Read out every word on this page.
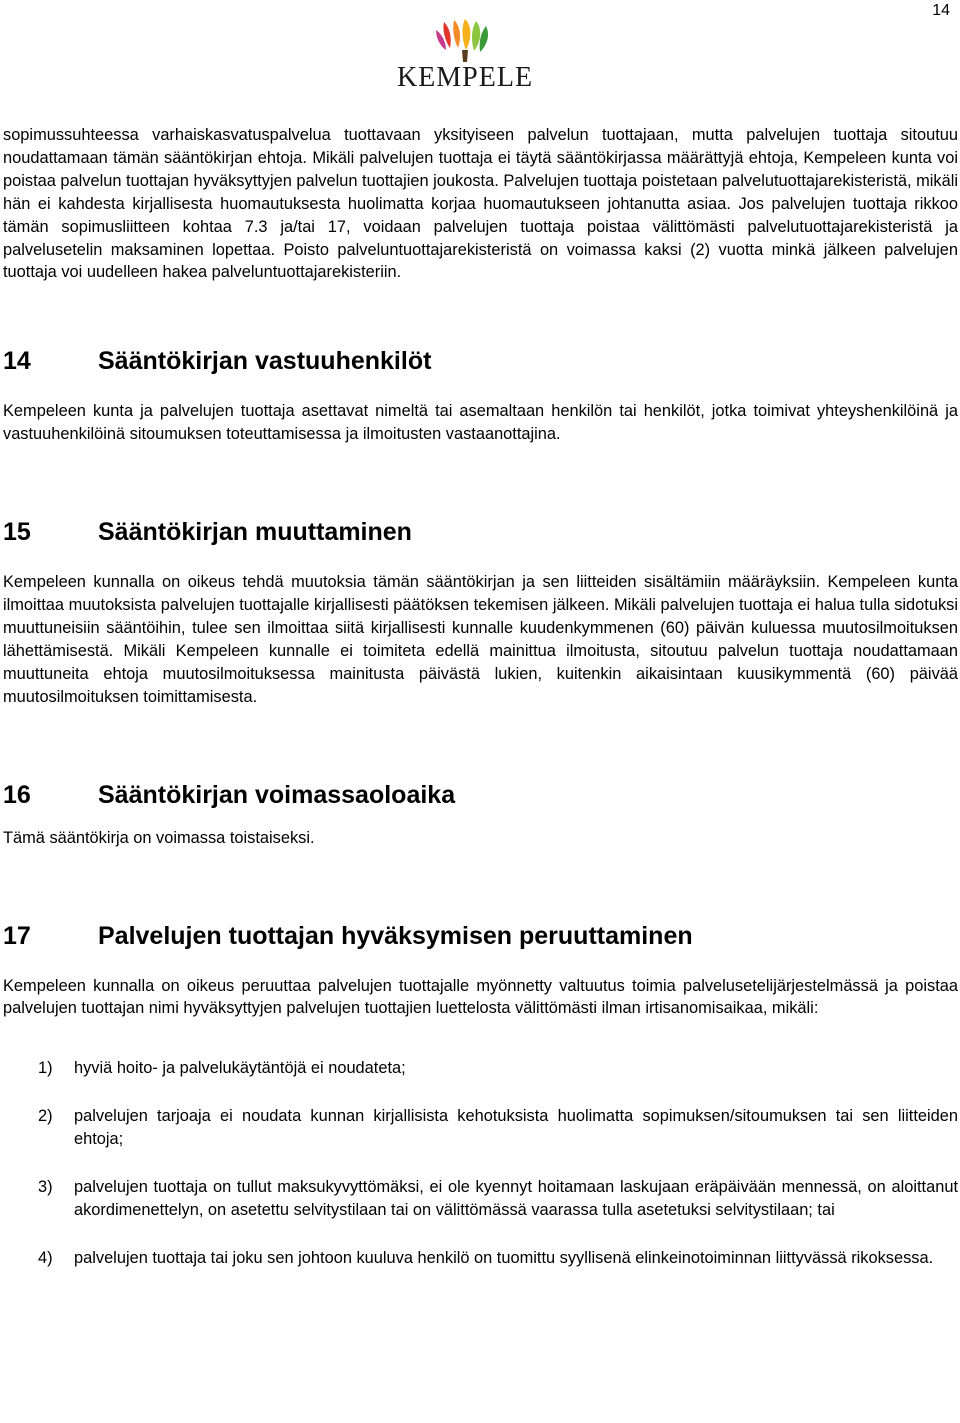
14
KEMPELE

sopimussuhteessa varhaiskasvatuspalvelua tuottavaan yksityiseen palvelun tuottajaan, mutta palvelujen tuottaja sitoutuu noudattamaan tämän sääntökirjan ehtoja. Mikäli palvelujen tuottaja ei täytä sääntökirjassa määrättyjä ehtoja, Kempeleen kunta voi poistaa palvelun tuottajan hyväksyttyjen palvelun tuottajien joukosta. Palvelujen tuottaja poistetaan palvelutuottajarekisteristä, mikäli hän ei kahdesta kirjallisesta huomautuksesta huolimatta korjaa huomautukseen johtanutta asiaa. Jos palvelujen tuottaja rikkoo tämän sopimusliitteen kohtaa 7.3 ja/tai 17, voidaan palvelujen tuottaja poistaa välittömästi palvelutuottajarekisteristä ja palvelusetelin maksaminen lopettaa. Poisto palveluntuottajarekisteristä on voimassa kaksi (2) vuotta minkä jälkeen palvelujen tuottaja voi uudelleen hakea palveluntuottajarekisteriin.

14	Sääntökirjan vastuuhenkilöt

Kempeleen kunta ja palvelujen tuottaja asettavat nimeltä tai asemaltaan henkilön tai henkilöt, jotka toimivat yhteyshenkilöinä ja vastuuhenkilöinä sitoumuksen toteuttamisessa ja ilmoitusten vastaanottajina.

15	Sääntökirjan muuttaminen

Kempeleen kunnalla on oikeus tehdä muutoksia tämän sääntökirjan ja sen liitteiden sisältämiin määräyksiin. Kempeleen kunta ilmoittaa muutoksista palvelujen tuottajalle kirjallisesti päätöksen tekemisen jälkeen. Mikäli palvelujen tuottaja ei halua tulla sidotuksi muuttuneisiin sääntöihin, tulee sen ilmoittaa siitä kirjallisesti kunnalle kuudenkymmenen (60) päivän kuluessa muutosilmoituksen lähettämisestä. Mikäli Kempeleen kunnalle ei toimiteta edellä mainittua ilmoitusta, sitoutuu palvelun tuottaja noudattamaan muuttuneita ehtoja muutosilmoituksessa mainitusta päivästä lukien, kuitenkin aikaisintaan kuusikymmentä (60) päivää muutosilmoituksen toimittamisesta.

16	Sääntökirjan voimassaoloaika

Tämä sääntökirja on voimassa toistaiseksi.

17	Palvelujen tuottajan hyväksymisen peruuttaminen

Kempeleen kunnalla on oikeus peruuttaa palvelujen tuottajalle myönnetty valtuutus toimia palvelusetelijärjestelmässä ja poistaa palvelujen tuottajan nimi hyväksyttyjen palvelujen tuottajien luettelosta välittömästi ilman irtisanomisaikaa, mikäli:

1) hyviä hoito- ja palvelukäytäntöjä ei noudateta;
2) palvelujen tarjoaja ei noudata kunnan kirjallisista kehotuksista huolimatta sopimuksen/sitoumuksen tai sen liitteiden ehtoja;
3) palvelujen tuottaja on tullut maksukyvyttömäksi, ei ole kyennyt hoitamaan laskujaan eräpäivään mennessä, on aloittanut akordimenettelyn, on asetettu selvitystilaan tai on välittömässä vaarassa tulla asetetuksi selvitystilaan; tai
4) palvelujen tuottaja tai joku sen johtoon kuuluva henkilö on tuomittu syyllisenä elinkeinotoiminnan liittyvässä rikoksessa.
